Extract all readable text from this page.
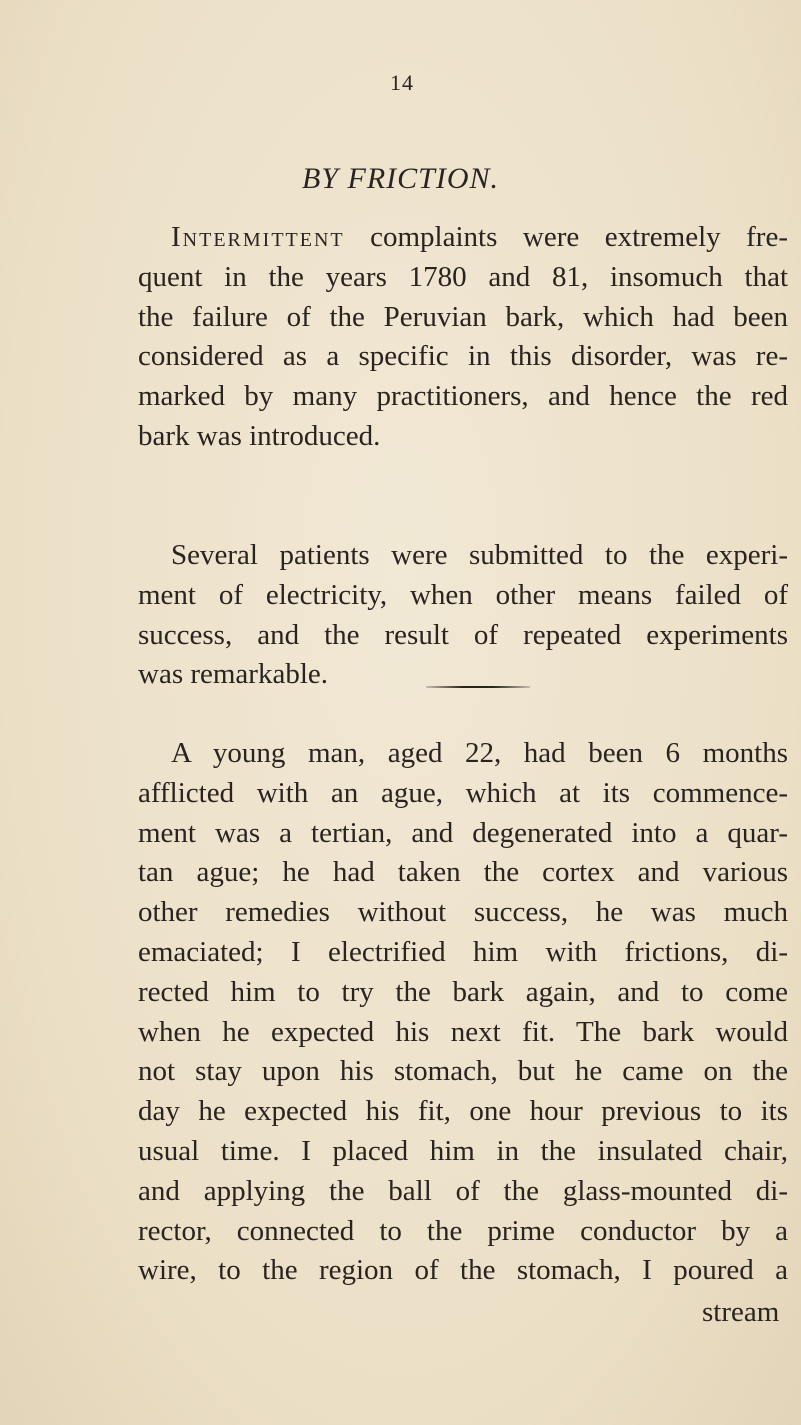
14
BY FRICTION.
Intermittent complaints were extremely fre-
quent in the years 1780 and 81, insomuch that
the failure of the Peruvian bark, which had been
considered as a specific in this disorder, was re-
marked by many practitioners, and hence the red
bark was introduced.
Several patients were submitted to the experi-
ment of electricity, when other means failed of
success, and the result of repeated experiments
was remarkable.
A young man, aged 22, had been 6 months
afflicted with an ague, which at its commence-
ment was a tertian, and degenerated into a quar-
tan ague; he had taken the cortex and various
other remedies without success, he was much
emaciated; I electrified him with frictions, di-
rected him to try the bark again, and to come
when he expected his next fit. The bark would
not stay upon his stomach, but he came on the
day he expected his fit, one hour previous to its
usual time. I placed him in the insulated chair,
and applying the ball of the glass-mounted di-
rector, connected to the prime conductor by a
wire, to the region of the stomach, I poured a
stream
